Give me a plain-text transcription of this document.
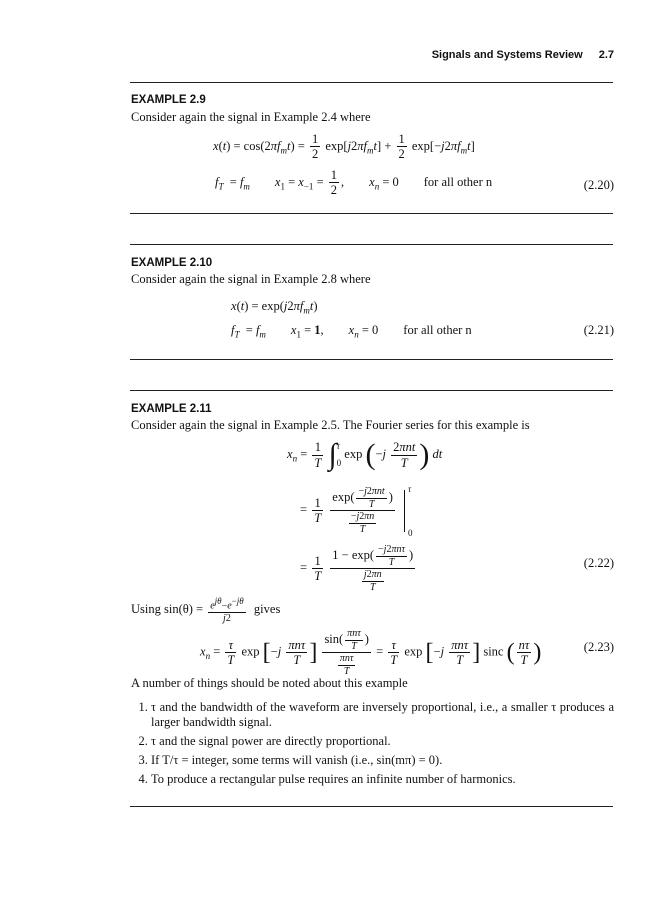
Signals and Systems Review 2.7
EXAMPLE 2.9
Consider again the signal in Example 2.4 where
$x(t) = \cos(2\pi f_mt) = \frac{1}{2} \exp[j2\pi f_mt] + \frac{1}{2} \exp[-j2\pi f_mt]$
$f_T = f_m$ $x_1 = x_{-1} = \frac{1}{2}$ ,        $x_n = 0$        for all other n	(2.20)
EXAMPLE 2.10
Consider again the signal in Example 2.8 where
$x(t) = \exp(j2\pi f_mt)$
$f_T = f_m$ $x_1 = 1$,        $x_n = 0$        for all other n	(2.21)
EXAMPLE 2.11
Consider again the signal in Example 2.5. The Fourier series for this example is
$x_n = \frac{1}{T} \int\tau$
0 $\exp (-j \frac{\text{2πnt}}{T}$ ) dt
= $\frac{1}{T}$
$\frac{\exp( \frac{\text{−j2πnt}}{T} )}{\frac{-j2\pi n}{T}}$
τ
0
= $\frac{1}{T}$
$\frac{1 - \exp( \frac{\text{−j2πnτ}}{T} )}{\frac{j2\pi n}{T}}$	(2.22)
Using $\sin(\theta) = \frac{\text{ejθ−e−jθ}}{j2}$ gives
$x_n = \frac{\tau}{T}$ $\exp [-j \frac{\text{πnτ}}{T}$ ] $\frac{\sin( \frac{\text{πnτ}}{T} )}{\frac{\text{πnτ}}{T}} = \frac{\tau}{T}$ $\exp [-j \frac{\text{πnτ}}{T}$ ] sinc ( $\frac{n\tau}{T}$ )	(2.23)
A number of things should be noted about this example
1. τ and the bandwidth of the waveform are inversely proportional, i.e., a smaller τ produces a larger bandwidth signal.
2. τ and the signal power are directly proportional.
3. If T/τ = integer, some terms will vanish (i.e., sin(mπ) = 0).
4. To produce a rectangular pulse requires an infinite number of harmonics.
